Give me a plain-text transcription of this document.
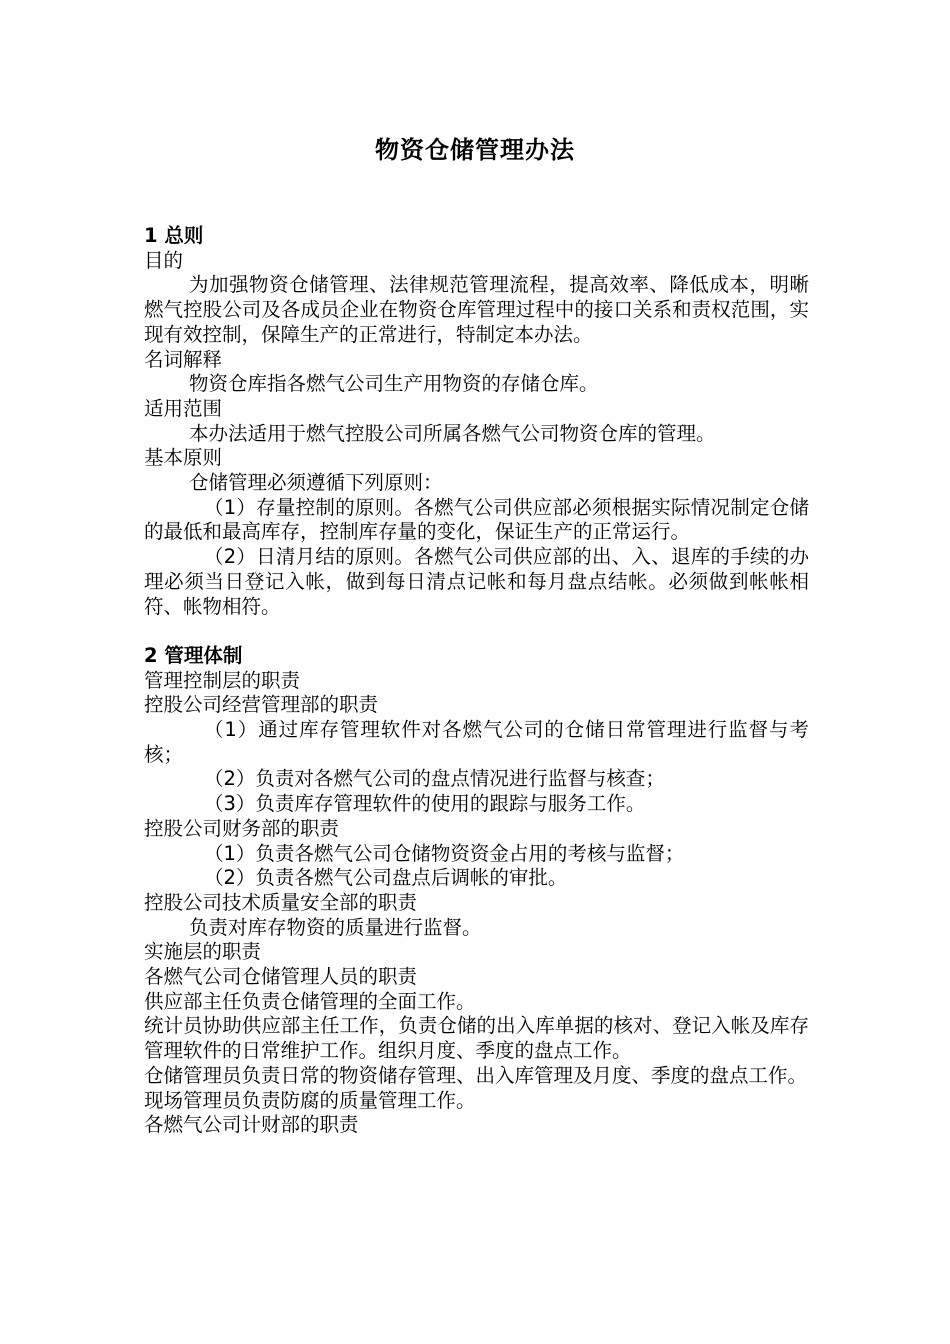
物资仓储管理办法

1 总则

目的

为加强物资仓储管理、法律规范管理流程，提高效率、降低成本，明晰燃气控股公司及各成员企业在物资仓库管理过程中的接口关系和责权范围，实现有效控制，保障生产的正常进行，特制定本办法。

名词解释

物资仓库指各燃气公司生产用物资的存储仓库。

适用范围

本办法适用于燃气控股公司所属各燃气公司物资仓库的管理。

基本原则

仓储管理必须遵循下列原则：

（1）存量控制的原则。各燃气公司供应部必须根据实际情况制定仓储的最低和最高库存，控制库存量的变化，保证生产的正常运行。

（2）日清月结的原则。各燃气公司供应部的出、入、退库的手续的办理必须当日登记入帐，做到每日清点记帐和每月盘点结帐。必须做到帐帐相符、帐物相符。

2 管理体制

管理控制层的职责

控股公司经营管理部的职责

（1）通过库存管理软件对各燃气公司的仓储日常管理进行监督与考核；

（2）负责对各燃气公司的盘点情况进行监督与核查；

（3）负责库存管理软件的使用的跟踪与服务工作。

控股公司财务部的职责

（1）负责各燃气公司仓储物资资金占用的考核与监督；

（2）负责各燃气公司盘点后调帐的审批。

控股公司技术质量安全部的职责

负责对库存物资的质量进行监督。

实施层的职责

各燃气公司仓储管理人员的职责

供应部主任负责仓储管理的全面工作。

统计员协助供应部主任工作，负责仓储的出入库单据的核对、登记入帐及库存管理软件的日常维护工作。组织月度、季度的盘点工作。

仓储管理员负责日常的物资储存管理、出入库管理及月度、季度的盘点工作。

现场管理员负责防腐的质量管理工作。

各燃气公司计财部的职责
